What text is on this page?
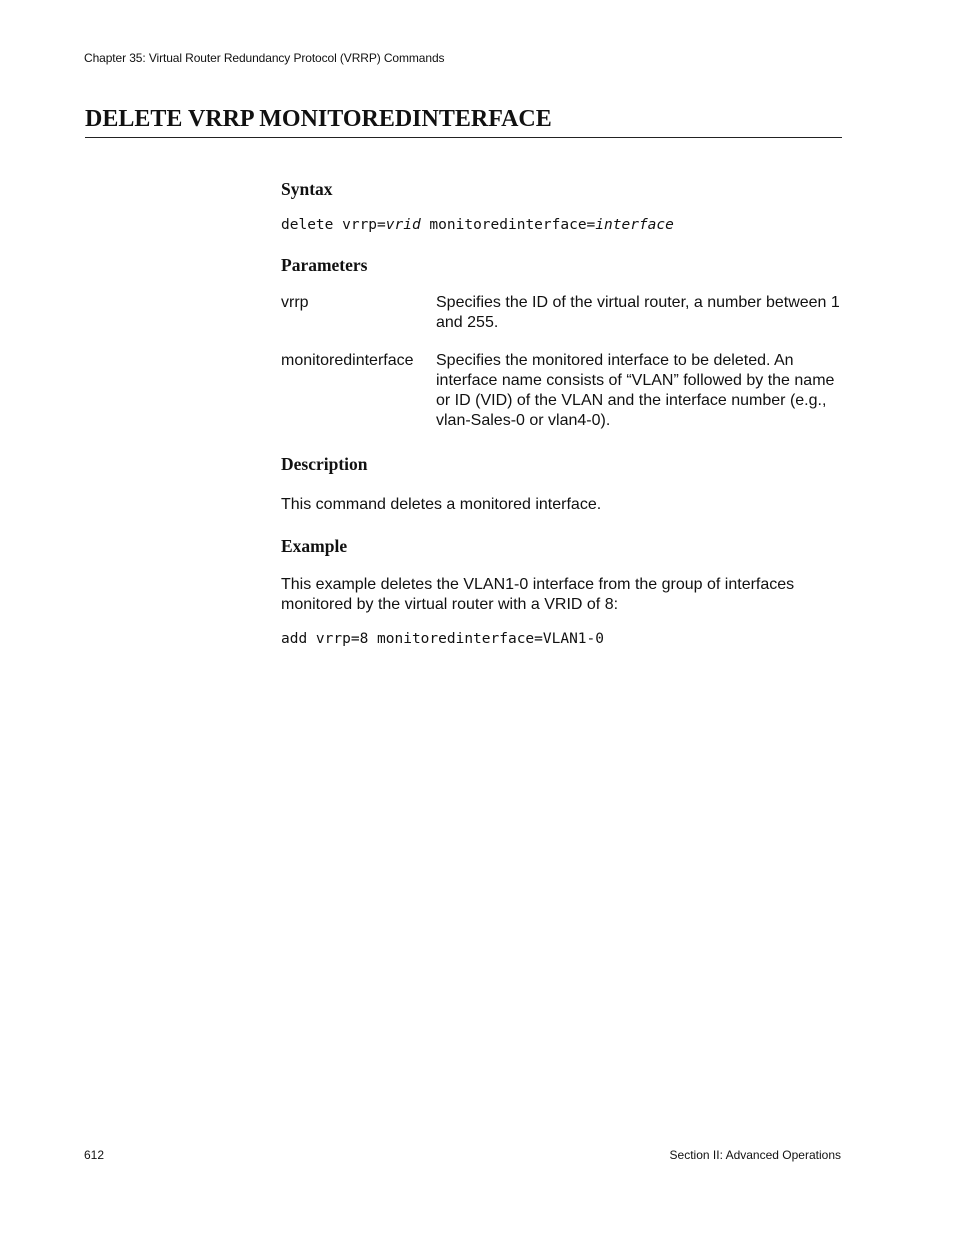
Chapter 35: Virtual Router Redundancy Protocol (VRRP) Commands
DELETE VRRP MONITOREDINTERFACE
Syntax
delete vrrp=vrid monitoredinterface=interface
Parameters
vrrp	Specifies the ID of the virtual router, a number between 1 and 255.
monitoredinterface	Specifies the monitored interface to be deleted. An interface name consists of “VLAN” followed by the name or ID (VID) of the VLAN and the interface number (e.g., vlan-Sales-0 or vlan4-0).
Description

This command deletes a monitored interface.

Example

This example deletes the VLAN1-0 interface from the group of interfaces monitored by the virtual router with a VRID of 8:

add vrrp=8 monitoredinterface=VLAN1-0
612	Section II: Advanced Operations
